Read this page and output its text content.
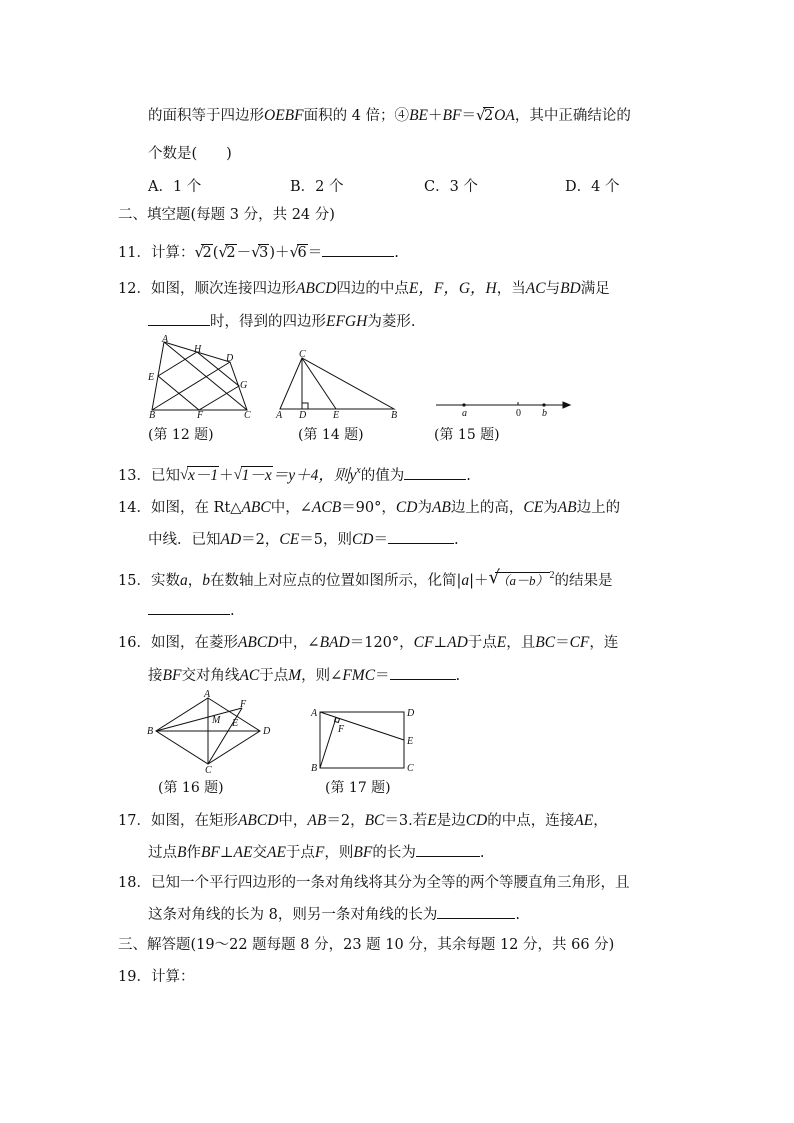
的面积等于四边形OEBF面积的 4 倍；④BE＋BF＝ √
2OA，其中正确结论的
个数是(　　)
A．1 个	B．2 个	C．3 个	D．4 个
二、填空题(每题 3 分，共 24 分)
11．计算： √
2( √
2－ √
3)＋ √
6＝	.
12．如图，顺次连接四边形ABCD四边的中点E，F，G，H，当AC与BD满足
时，得到的四边形EFGH为菱形.
A
H
D
E
G
B	F	C
(第 12 题)
C
A D	E	B
(第 14 题)
a	0 b
(第 15 题)
13．已知 √ x－1＋ √ 1－x＝y＋4，则$y^x$的值为	.
14．如图，在 Rt△ABC中，∠ACB＝90°，CD为AB边上的高，CE为AB边上的
中线．已知AD＝2，CE＝5，则CD＝	.
15．实数a，b在数轴上对应点的位置如图所示，化简|a|＋ √
$(a-b)^2$的结果是
.
16．如图，在菱形ABCD中，∠BAD＝120°，CF⊥AD于点E，且BC＝CF，连
接BF交对角线AC于点M，则∠FMC＝	.
A
F
M E
B	D
C
(第 16 题)
A	D
F
E
B	C
(第 17 题)
17．如图，在矩形ABCD中，AB＝2，BC＝3.若E是边CD的中点，连接AE，
过点B作BF⊥AE交AE于点F，则BF的长为	.
18．已知一个平行四边形的一条对角线将其分为全等的两个等腰直角三角形，且
这条对角线的长为 8，则另一条对角线的长为	.
三、解答题(19～22 题每题 8 分，23 题 10 分，其余每题 12 分，共 66 分)
19．计算：
